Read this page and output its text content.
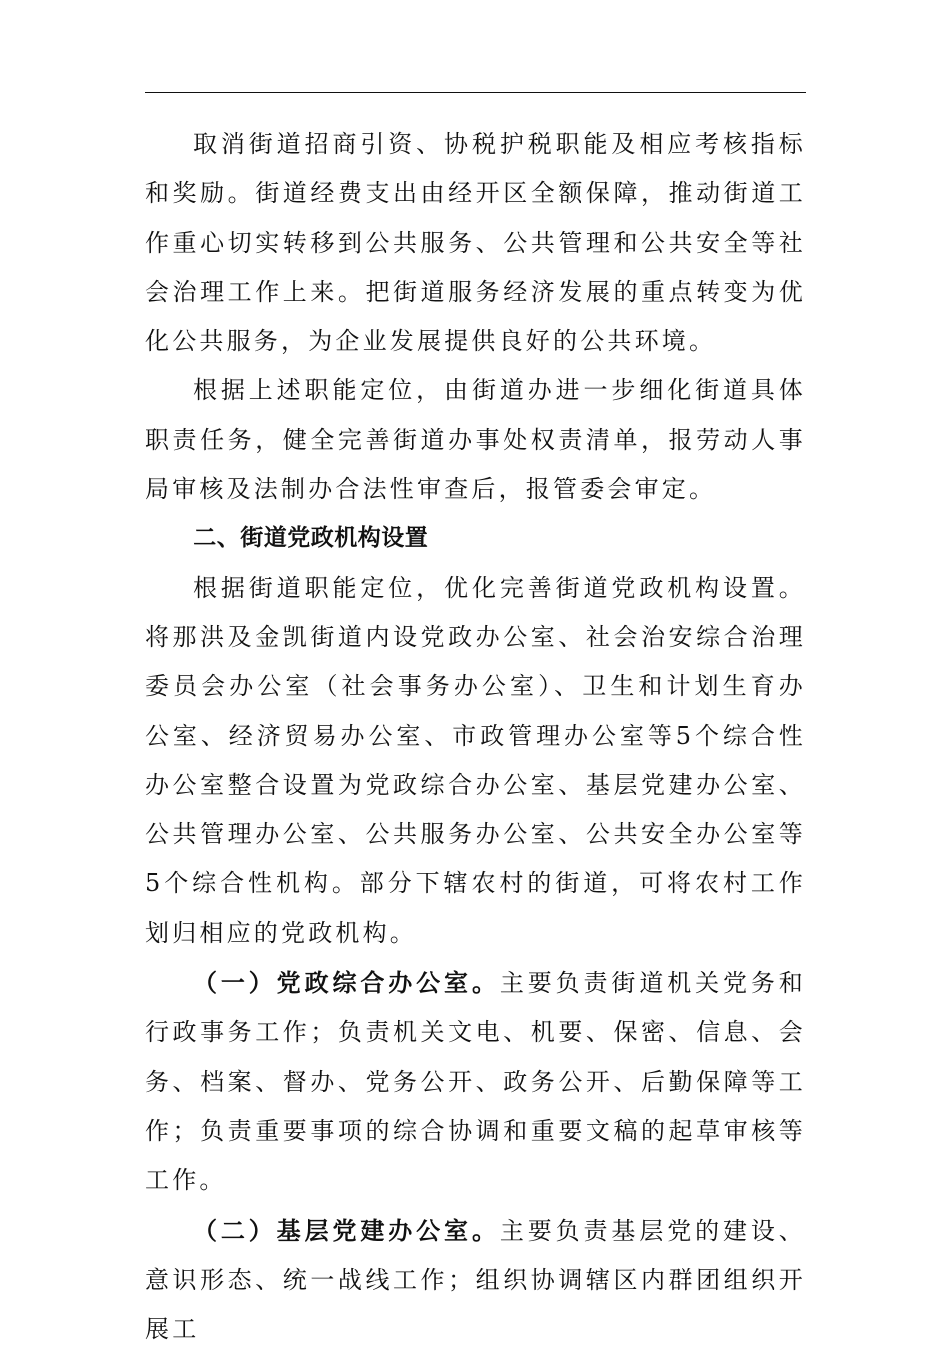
取消街道招商引资、协税护税职能及相应考核指标和奖励。街道经费支出由经开区全额保障，推动街道工作重心切实转移到公共服务、公共管理和公共安全等社会治理工作上来。把街道服务经济发展的重点转变为优化公共服务，为企业发展提供良好的公共环境。

根据上述职能定位，由街道办进一步细化街道具体职责任务，健全完善街道办事处权责清单，报劳动人事局审核及法制办合法性审查后，报管委会审定。

二、街道党政机构设置

根据街道职能定位，优化完善街道党政机构设置。将那洪及金凯街道内设党政办公室、社会治安综合治理委员会办公室（社会事务办公室）、卫生和计划生育办公室、经济贸易办公室、市政管理办公室等5个综合性办公室整合设置为党政综合办公室、基层党建办公室、公共管理办公室、公共服务办公室、公共安全办公室等5个综合性机构。部分下辖农村的街道，可将农村工作划归相应的党政机构。

（一）党政综合办公室。主要负责街道机关党务和行政事务工作；负责机关文电、机要、保密、信息、会务、档案、督办、党务公开、政务公开、后勤保障等工作；负责重要事项的综合协调和重要文稿的起草审核等工作。

（二）基层党建办公室。主要负责基层党的建设、意识形态、统一战线工作；组织协调辖区内群团组织开展工
